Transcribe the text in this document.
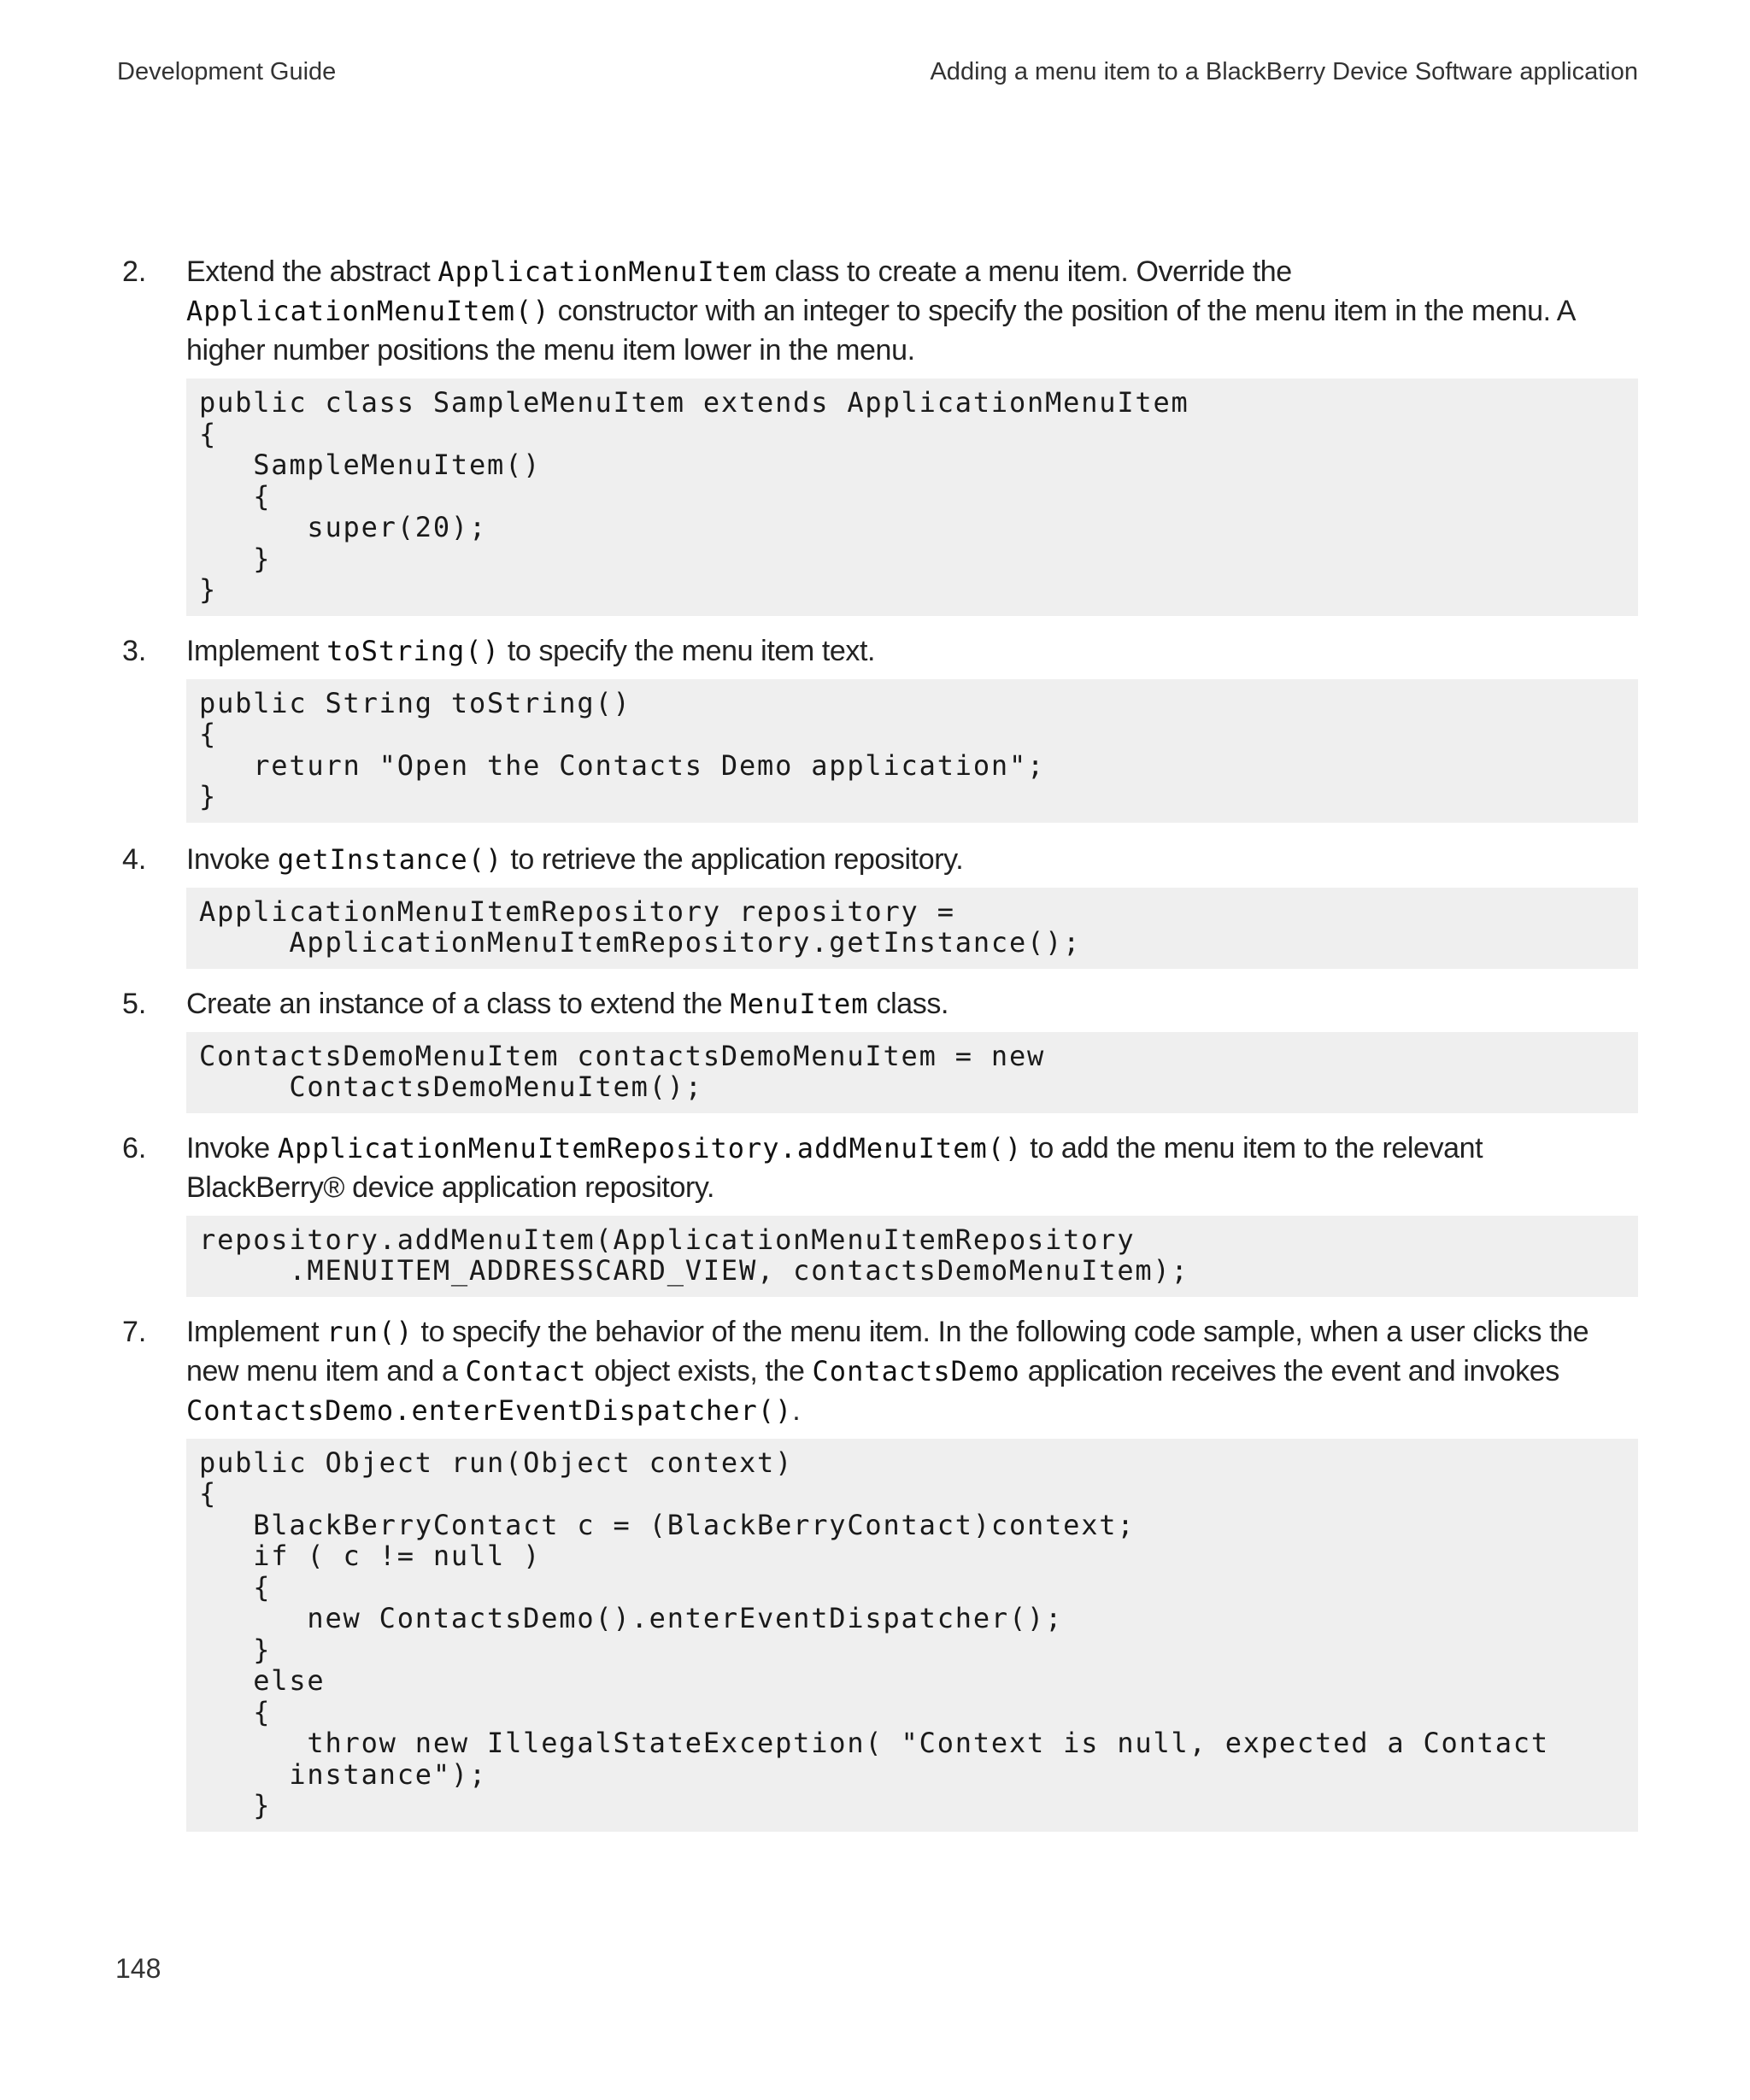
Development Guide	Adding a menu item to a BlackBerry Device Software application
2. Extend the abstract ApplicationMenuItem class to create a menu item. Override the ApplicationMenuItem() constructor with an integer to specify the position of the menu item in the menu. A higher number positions the menu item lower in the menu.
public class SampleMenuItem extends ApplicationMenuItem
{
SampleMenuItem()
{
super(20);
}
}
3. Implement toString() to specify the menu item text.
public String toString()
{
return "Open the Contacts Demo application";
}
4. Invoke getInstance() to retrieve the application repository.
ApplicationMenuItemRepository repository =
ApplicationMenuItemRepository.getInstance();
5. Create an instance of a class to extend the MenuItem class.
ContactsDemoMenuItem contactsDemoMenuItem = new
ContactsDemoMenuItem();
6. Invoke ApplicationMenuItemRepository.addMenuItem() to add the menu item to the relevant BlackBerry® device application repository.
repository.addMenuItem(ApplicationMenuItemRepository
.MENUITEM_ADDRESSCARD_VIEW, contactsDemoMenuItem);
7. Implement run() to specify the behavior of the menu item. In the following code sample, when a user clicks the new menu item and a Contact object exists, the ContactsDemo application receives the event and invokes ContactsDemo.enterEventDispatcher().
public Object run(Object context)
{
BlackBerryContact c = (BlackBerryContact)context;
if ( c != null )
{
new ContactsDemo().enterEventDispatcher();
}
else
{
throw new IllegalStateException( "Context is null, expected a Contact
instance");
}
148
